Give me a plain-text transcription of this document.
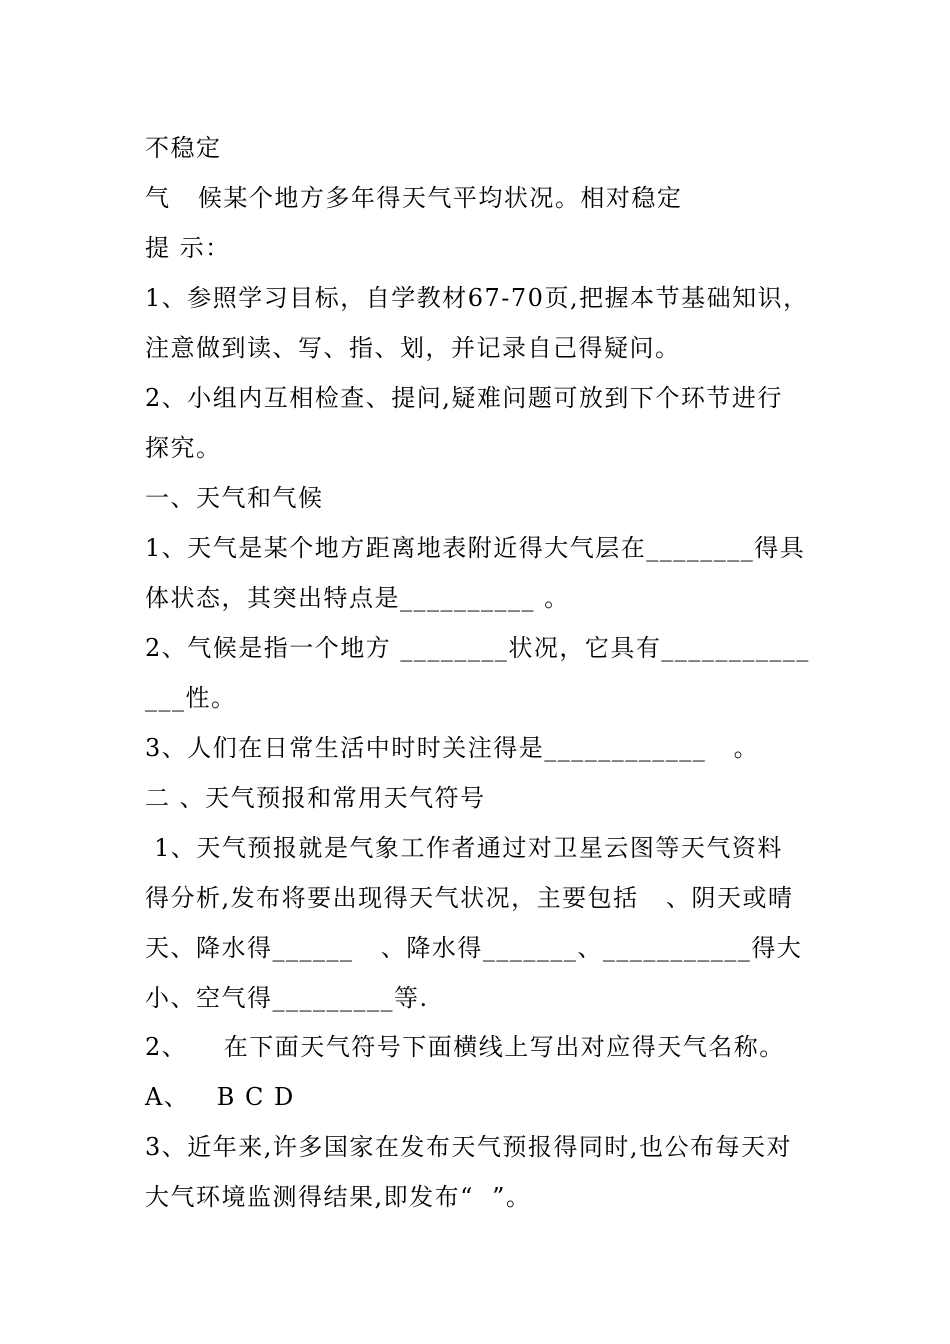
不稳定
气   候某个地方多年得天气平均状况。相对稳定
提 示：
1、参照学习目标，自学教材67-70页,把握本节基础知识，
注意做到读、写、指、划，并记录自己得疑问。
2、小组内互相检查、提问,疑难问题可放到下个环节进行
探究。
一、天气和气候
1、天气是某个地方距离地表附近得大气层在________得具
体状态，其突出特点是__________ 。
2、气候是指一个地方 ________状况，它具有___________
___性。
3、人们在日常生活中时时关注得是____________   。
二 、天气预报和常用天气符号
1、天气预报就是气象工作者通过对卫星云图等天气资料
得分析,发布将要出现得天气状况，主要包括   、阴天或晴
天、降水得______   、降水得_______、___________得大
小、空气得_________等.
2、    在下面天气符号下面横线上写出对应得天气名称。
A、   B C D
3、近年来,许多国家在发布天气预报得同时,也公布每天对
大气环境监测得结果,即发布“  ”。
